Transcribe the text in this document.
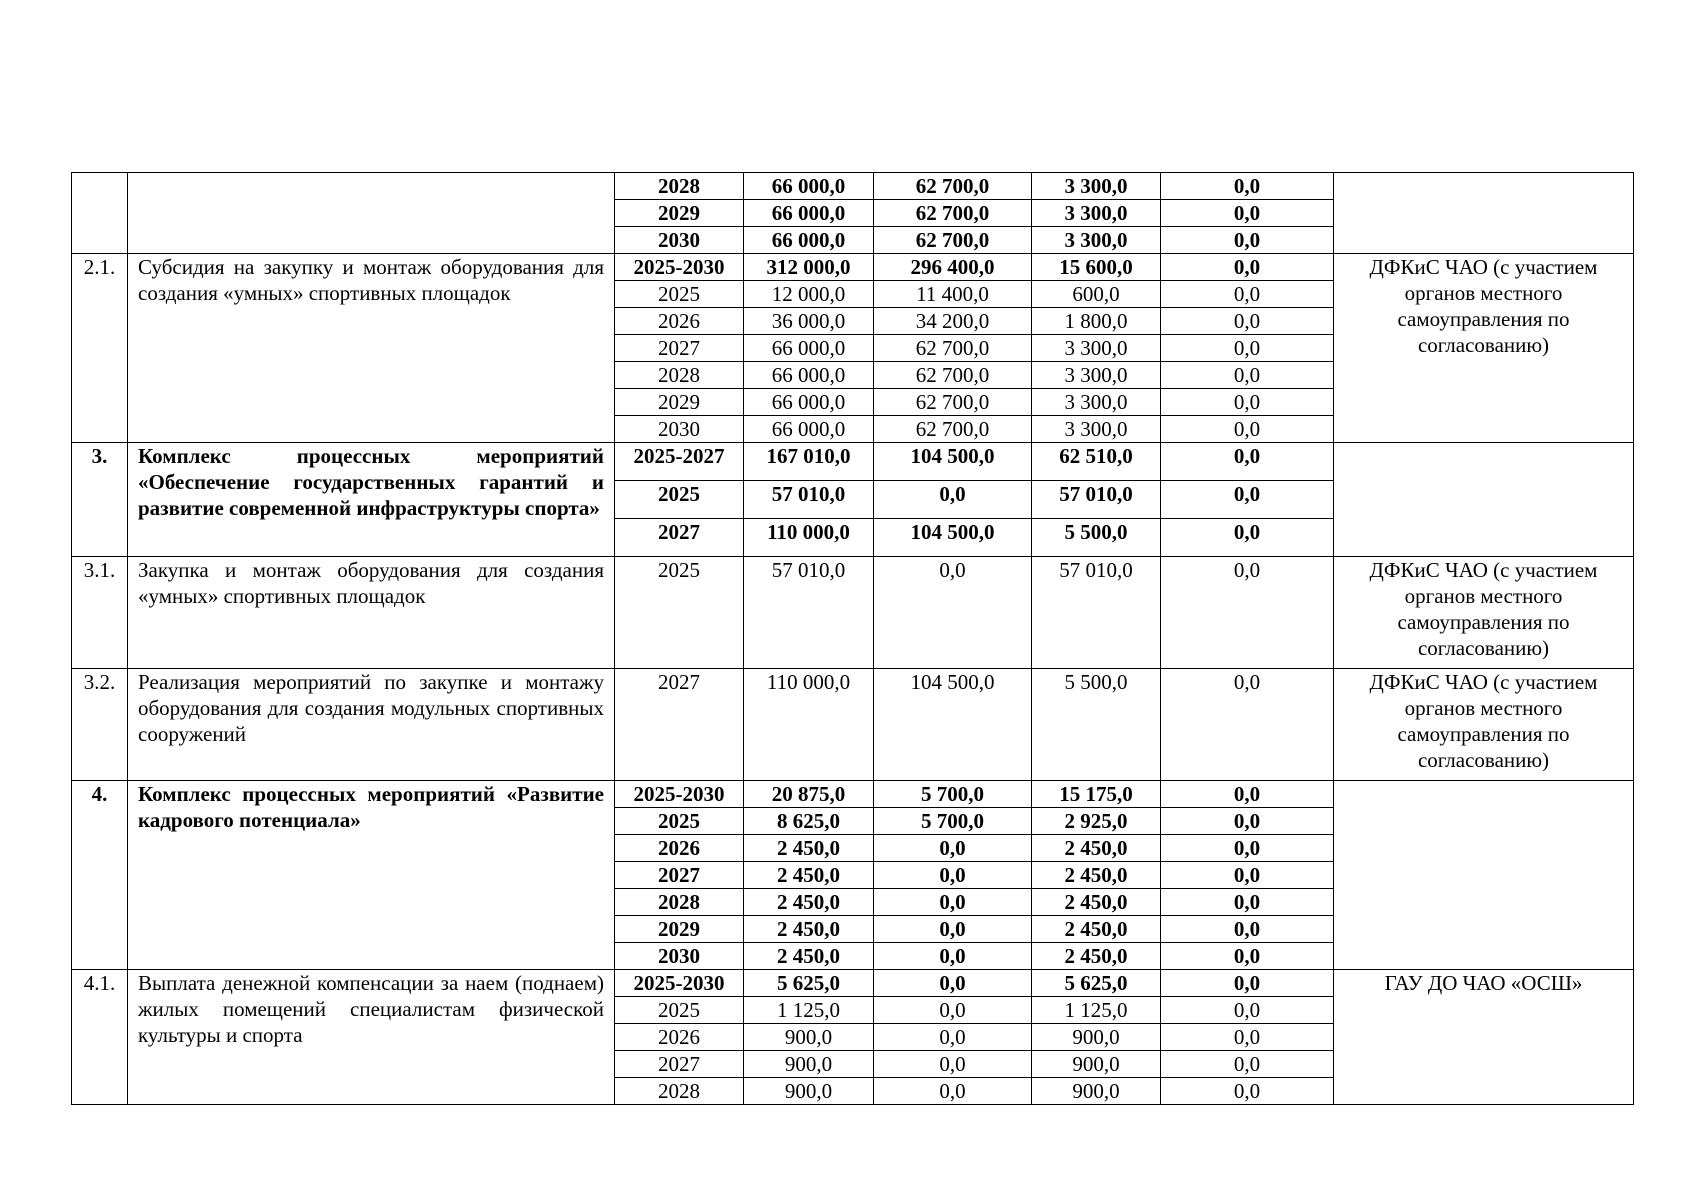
		2028	66 000,0	62 700,0	3 300,0	0,0	
		2029	66 000,0	62 700,0	3 300,0	0,0	
		2030	66 000,0	62 700,0	3 300,0	0,0	
2.1.	Субсидия на закупку и монтаж оборудования для создания «умных» спортивных площадок	2025-2030	312 000,0	296 400,0	15 600,0	0,0	ДФКиС ЧАО (с участием органов местного самоуправления по согласованию)
		2025	12 000,0	11 400,0	600,0	0,0	
		2026	36 000,0	34 200,0	1 800,0	0,0	
		2027	66 000,0	62 700,0	3 300,0	0,0	
		2028	66 000,0	62 700,0	3 300,0	0,0	
		2029	66 000,0	62 700,0	3 300,0	0,0	
		2030	66 000,0	62 700,0	3 300,0	0,0	
3.	Комплекс процессных мероприятий «Обеспечение государственных гарантий и развитие современной инфраструктуры спорта»	2025-2027	167 010,0	104 500,0	62 510,0	0,0	
		2025	57 010,0	0,0	57 010,0	0,0	
		2027	110 000,0	104 500,0	5 500,0	0,0	
3.1.	Закупка и монтаж оборудования для создания «умных» спортивных площадок	2025	57 010,0	0,0	57 010,0	0,0	ДФКиС ЧАО (с участием органов местного самоуправления по согласованию)
3.2.	Реализация мероприятий по закупке и монтажу оборудования для создания модульных спортивных сооружений	2027	110 000,0	104 500,0	5 500,0	0,0	ДФКиС ЧАО (с участием органов местного самоуправления по согласованию)
4.	Комплекс процессных мероприятий «Развитие кадрового потенциала»	2025-2030	20 875,0	5 700,0	15 175,0	0,0	
		2025	8 625,0	5 700,0	2 925,0	0,0	
		2026	2 450,0	0,0	2 450,0	0,0	
		2027	2 450,0	0,0	2 450,0	0,0	
		2028	2 450,0	0,0	2 450,0	0,0	
		2029	2 450,0	0,0	2 450,0	0,0	
		2030	2 450,0	0,0	2 450,0	0,0	
4.1.	Выплата денежной компенсации за наем (поднаем) жилых помещений специалистам физической культуры и спорта	2025-2030	5 625,0	0,0	5 625,0	0,0	ГАУ ДО ЧАО «ОСШ»
		2025	1 125,0	0,0	1 125,0	0,0	
		2026	900,0	0,0	900,0	0,0	
		2027	900,0	0,0	900,0	0,0	
		2028	900,0	0,0	900,0	0,0	
